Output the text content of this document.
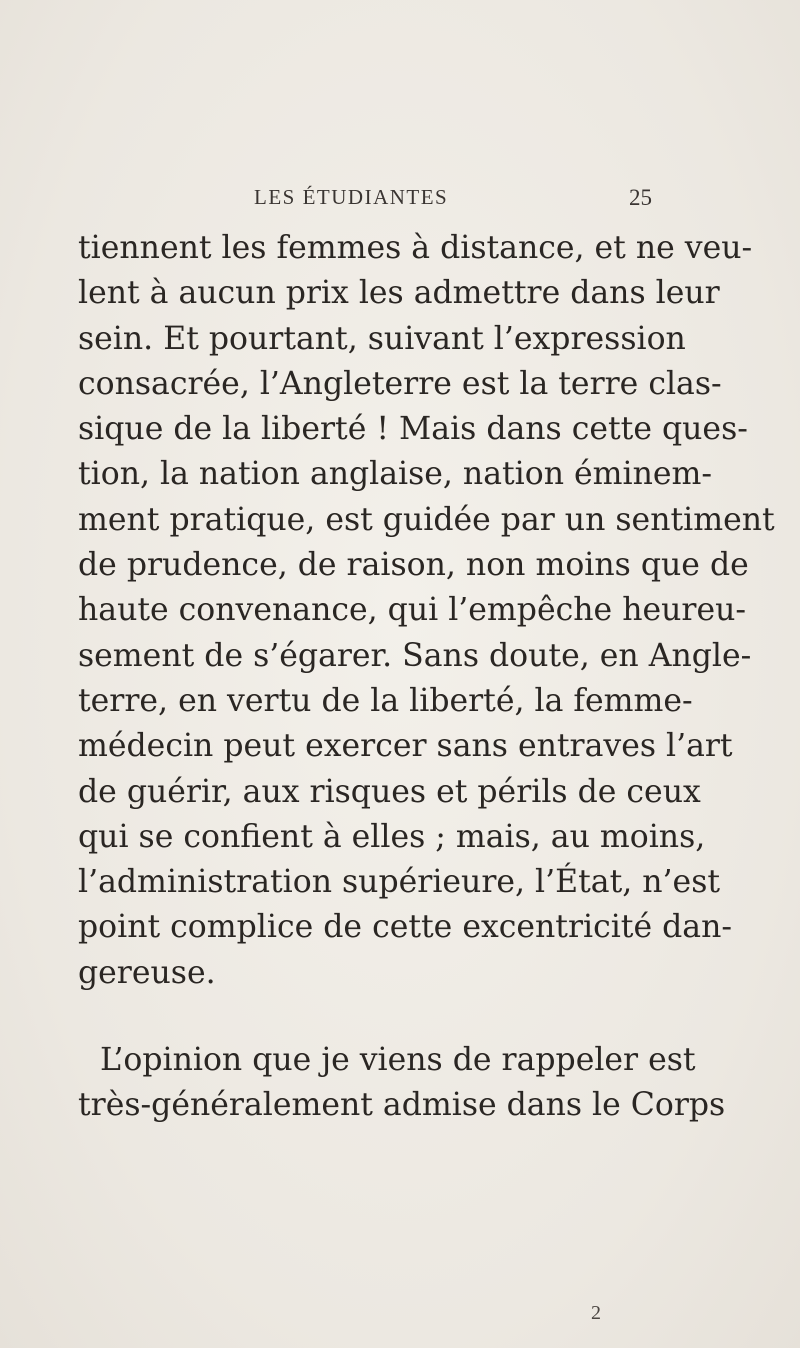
LES ÉTUDIANTES	25
tiennent les femmes à distance, et ne veu-
lent à aucun prix les admettre dans leur
sein. Et pourtant, suivant l’expression
consacrée, l’Angleterre est la terre clas-
sique de la liberté ! Mais dans cette ques-
tion, la nation anglaise, nation éminem-
ment pratique, est guidée par un sentiment
de prudence, de raison, non moins que de
haute convenance, qui l’empêche heureu-
sement de s’égarer. Sans doute, en Angle-
terre, en vertu de la liberté, la femme-
médecin peut exercer sans entraves l’art
de guérir, aux risques et périls de ceux
qui se confient à elles ; mais, au moins,
l’administration supérieure, l’État, n’est
point complice de cette excentricité dan-
gereuse.
L’opinion que je viens de rappeler est
très-généralement admise dans le Corps
2
